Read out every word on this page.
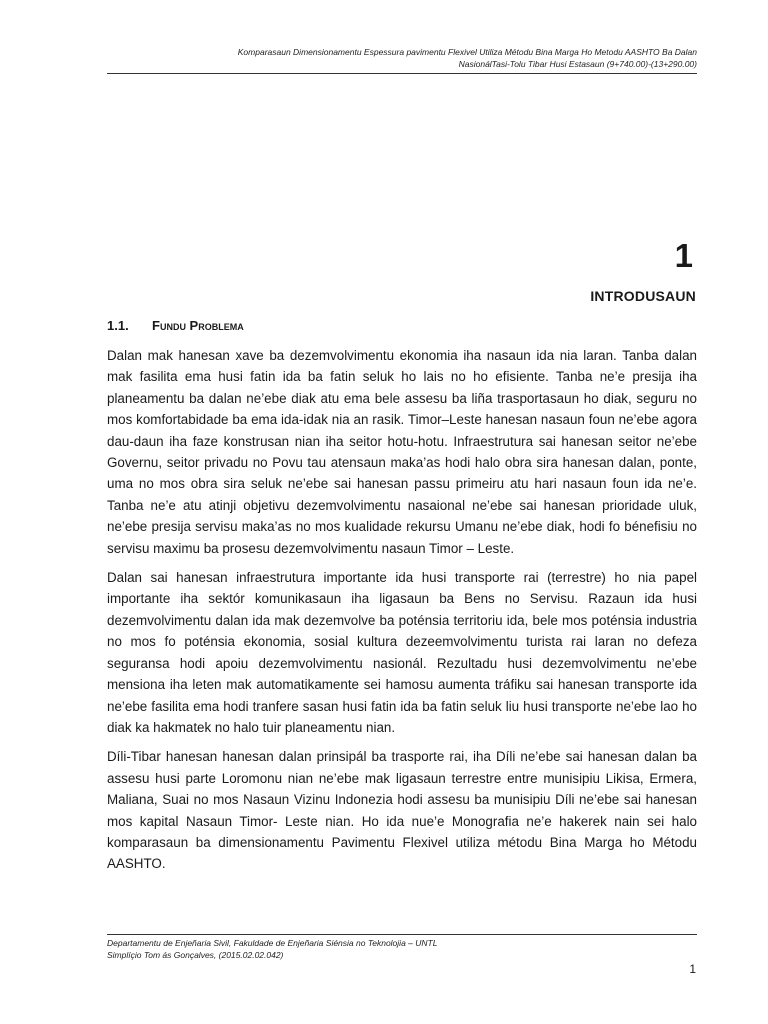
Komparasaun Dimensionamentu Espessura pavimentu Flexivel Utiliza Métodu Bina Marga Ho Metodu AASHTO Ba Dalan
NasionálTasi-Tolu Tibar Husi Estasaun (9+740.00)-(13+290.00)
1
INTRODUSAUN
1.1. Fundu Problema

Dalan mak hanesan xave ba dezemvolvimentu ekonomia iha nasaun ida nia laran. Tanba dalan mak fasilita ema husi fatin ida ba fatin seluk ho lais no ho efisiente. Tanba ne’e presija iha planeamentu ba dalan ne’ebe diak atu ema bele assesu ba liña trasportasaun ho diak, seguru no mos komfortabidade ba ema ida-idak nia an rasik. Timor–Leste hanesan nasaun foun ne’ebe agora dau-daun iha faze konstrusan nian iha seitor hotu-hotu. Infraestrutura sai hanesan seitor ne’ebe Governu, seitor privadu no Povu tau atensaun maka’as hodi halo obra sira hanesan dalan, ponte, uma no mos obra sira seluk ne’ebe sai hanesan passu primeiru atu hari nasaun foun ida ne’e. Tanba ne’e atu atinji objetivu dezemvolvimentu nasaional ne’ebe sai hanesan prioridade uluk, ne’ebe presija servisu maka’as no mos kualidade rekursu Umanu ne’ebe diak, hodi fo bénefisiu no servisu maximu ba prosesu dezemvolvimentu nasaun Timor – Leste.

Dalan sai hanesan infraestrutura importante ida husi transporte rai (terrestre) ho nia papel importante iha sektór komunikasaun iha ligasaun ba Bens no Servisu. Razaun ida husi dezemvolvimentu dalan ida mak dezemvolve ba poténsia territoriu ida, bele mos poténsia industria no mos fo poténsia ekonomia, sosial kultura dezeemvolvimentu turista rai laran no defeza seguransa hodi apoiu dezemvolvimentu nasionál. Rezultadu husi dezemvolvimentu ne’ebe mensiona iha leten mak automatikamente sei hamosu aumenta tráfiku sai hanesan transporte ida ne’ebe fasilita ema hodi tranfere sasan husi fatin ida ba fatin seluk liu husi transporte ne’ebe lao ho diak ka hakmatek no halo tuir planeamentu nian.

Díli-Tibar hanesan hanesan dalan prinsipál ba trasporte rai, iha Díli ne’ebe sai hanesan dalan ba assesu husi parte Loromonu nian ne’ebe mak ligasaun terrestre entre munisipiu Likisa, Ermera, Maliana, Suai no mos Nasaun Vizinu Indonezia hodi assesu ba munisipiu Díli ne’ebe sai hanesan mos kapital Nasaun Timor- Leste nian. Ho ida nue’e Monografia ne’e hakerek nain sei halo komparasaun ba dimensionamentu Pavimentu Flexivel utiliza métodu Bina Marga ho Métodu AASHTO.

Departamentu de Enjeñaria Sivil, Fakuldade de Enjeñaria Siénsia no Teknolojia – UNTL
Simplíçio Tom ás Gonçalves, (2015.02.02.042)
1
